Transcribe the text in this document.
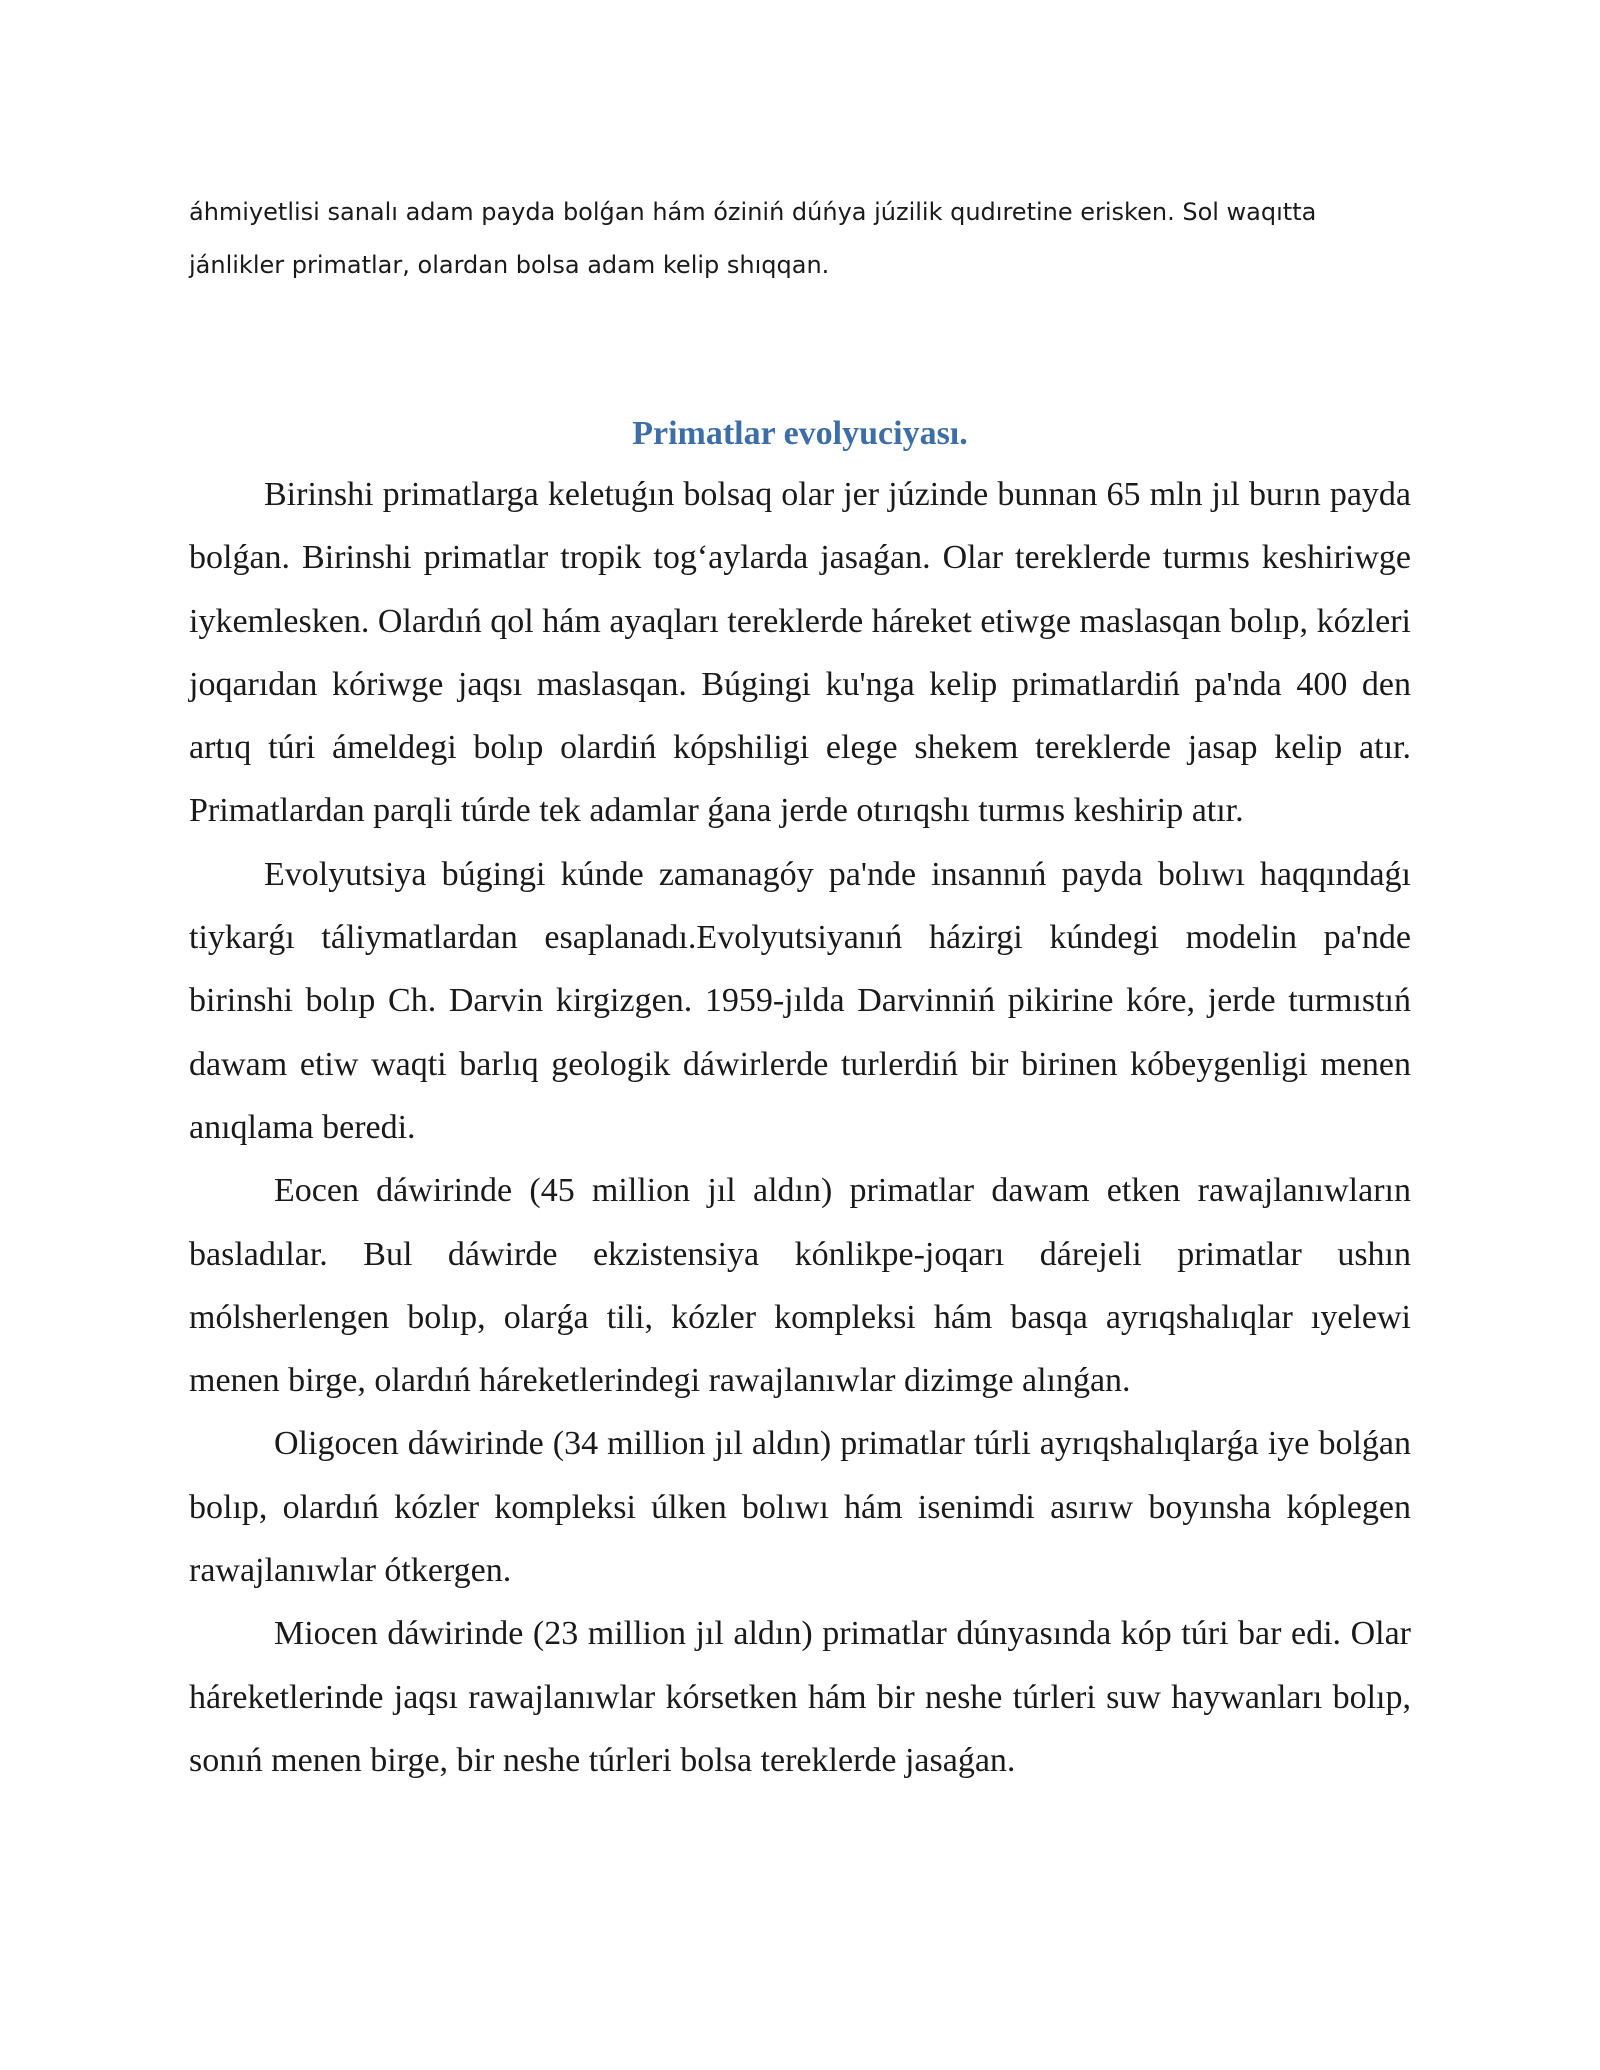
áhmiyetlisi sanalı adam payda bolǵan hám óziniń dúńya júzilik qudıretine erisken. Sol waqıtta jánlikler primatlar, olardan bolsa adam kelip shıqqan.

Primatlar evolyuciyası.

Birinshi primatlarga keletuǵın bolsaq olar jer júzinde bunnan 65 mln jıl burın payda bolǵan. Birinshi primatlar tropik tog‘aylarda jasaǵan. Olar tereklerde turmıs keshiriwge iykemlesken. Olardıń qol hám ayaqları tereklerde háreket etiwge maslasqan bolıp, kózleri joqarıdan kóriwge jaqsı maslasqan. Búgingi ku'nga kelip primatlardiń pa'nda 400 den artıq túri ámeldegi bolıp olardiń kópshiligi elege shekem tereklerde jasap kelip atır. Primatlardan parqli túrde tek adamlar ǵana jerde otırıqshı turmıs keshirip atır.

Evolyutsiya búgingi kúnde zamanagóy pa'nde insannıń payda bolıwı haqqındaǵı tiykarǵı táliymatlardan esaplanadı.Evolyutsiyanıń házirgi kúndegi modelin pa'nde birinshi bolıp Ch. Darvin kirgizgen. 1959-jılda Darvinniń pikirine kóre, jerde turmıstıń dawam etiw waqti barlıq geologik dáwirlerde turlerdiń bir birinen kóbeygenligi menen anıqlama beredi.

Eocen dáwirinde (45 million jıl aldın) primatlar dawam etken rawajlanıwların basladılar. Bul dáwirde ekzistensiya kónlikpe-joqarı dárejeli primatlar ushın mólsherlengen bolıp, olarǵa tili, kózler kompleksi hám basqa ayrıqshalıqlar ıyelewi menen birge, olardıń háreketlerindegi rawajlanıwlar dizimge alınǵan.

Oligocen dáwirinde (34 million jıl aldın) primatlar túrli ayrıqshalıqlarǵa iye bolǵan bolıp, olardıń kózler kompleksi úlken bolıwı hám isenimdi asırıw boyınsha kóplegen rawajlanıwlar ótkergen.

Miocen dáwirinde (23 million jıl aldın) primatlar dúnyasında kóp túri bar edi. Olar háreketlerinde jaqsı rawajlanıwlar kórsetken hám bir neshe túrleri suw haywanları bolıp, sonıń menen birge, bir neshe túrleri bolsa tereklerde jasaǵan.
